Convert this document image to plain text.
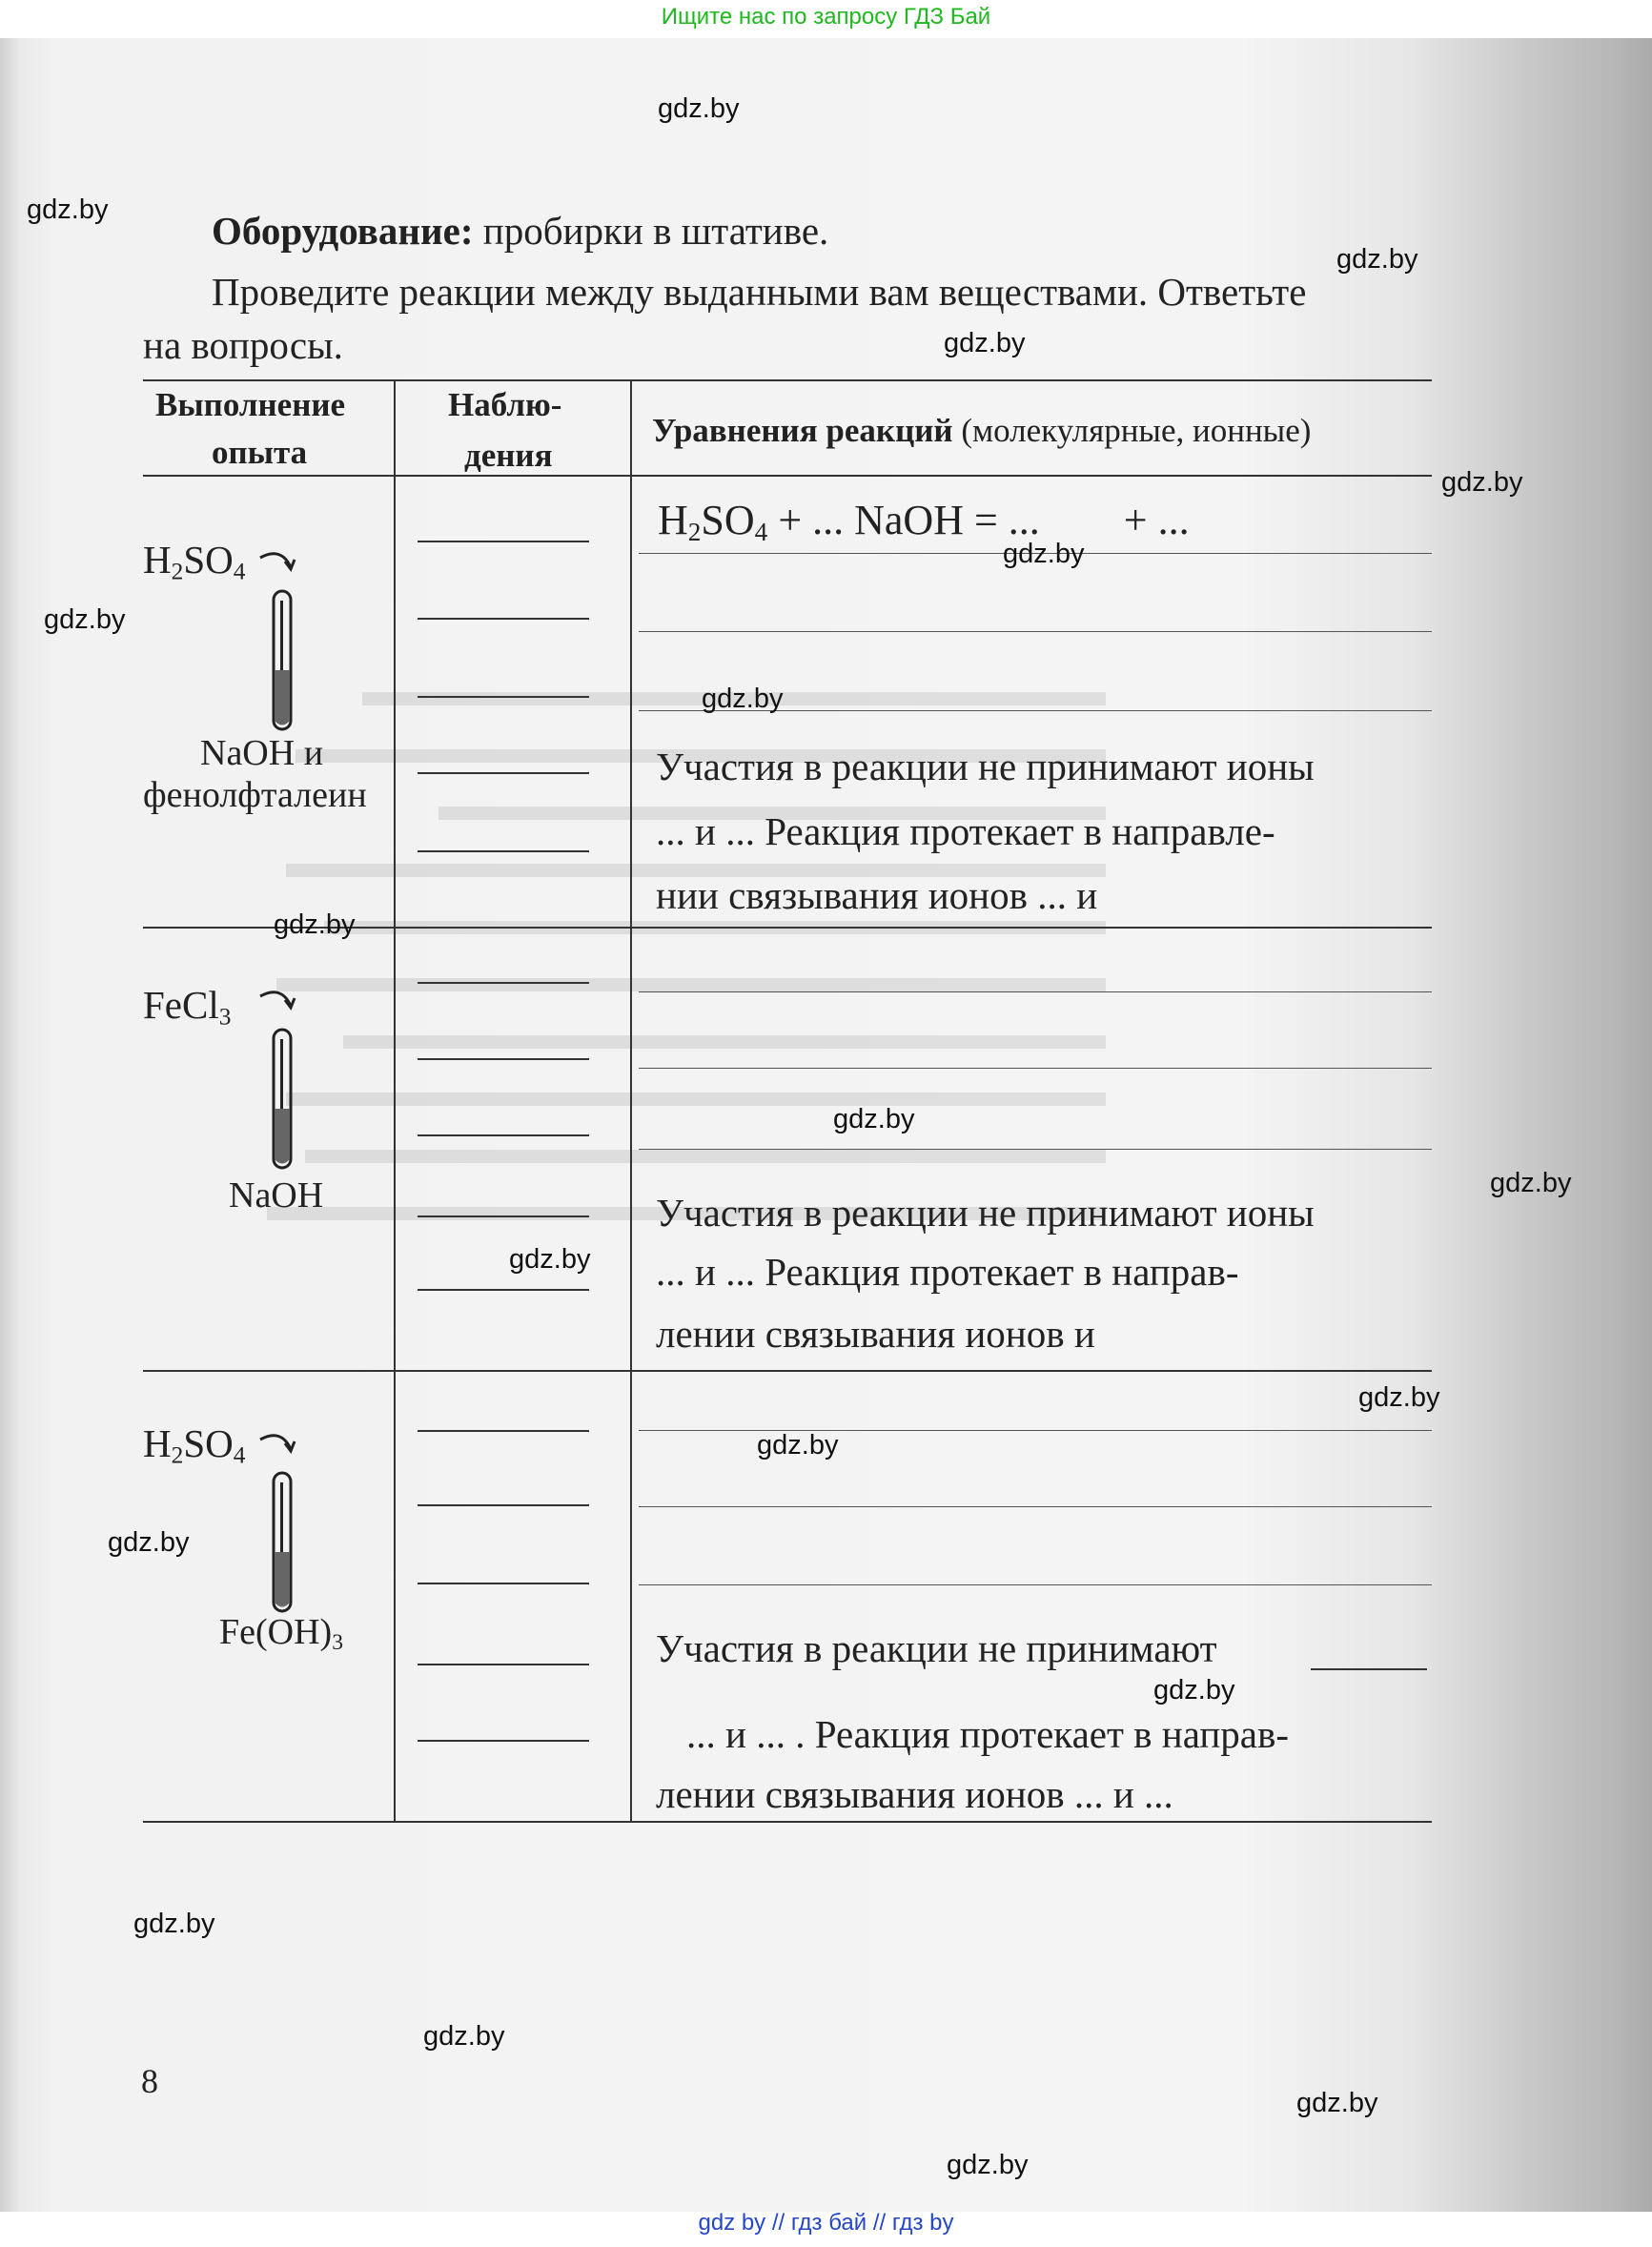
Ищите нас по запросу ГДЗ Бай
gdz by // гдз бай // гдз by
Оборудование: пробирки в штативе.
Проведите реакции между выданными вам веществами. Ответьте
на вопросы.
Выполнение
опыта
Наблю-
дения
Уравнения реакций (молекулярные, ионные)
$H_2SO_4$
NaOH и
фенолфталеин
$H_2SO_4$ + ... NaOH = ...        + ...
Участия в реакции не принимают ионы
... и ... Реакция протекает в направле-
нии связывания ионов ... и
FeCl$_3$
NaOH	Участия в реакции не принимают ионы
... и ... Реакция протекает в направ-
лении связывания ионов и
$H_2SO_4$
$Fe(OH)_3$	Участия в реакции не принимают
... и ... . Реакция протекает в направ-
лении связывания ионов ... и ...
8
gdz.by
gdz.by
gdz.by
gdz.by
gdz.by
gdz.by
gdz.by
gdz.by
gdz.by
gdz.by
gdz.by
gdz.by
gdz.by
gdz.by
gdz.by
gdz.by
gdz.by
gdz.by
gdz.by
gdz.by
